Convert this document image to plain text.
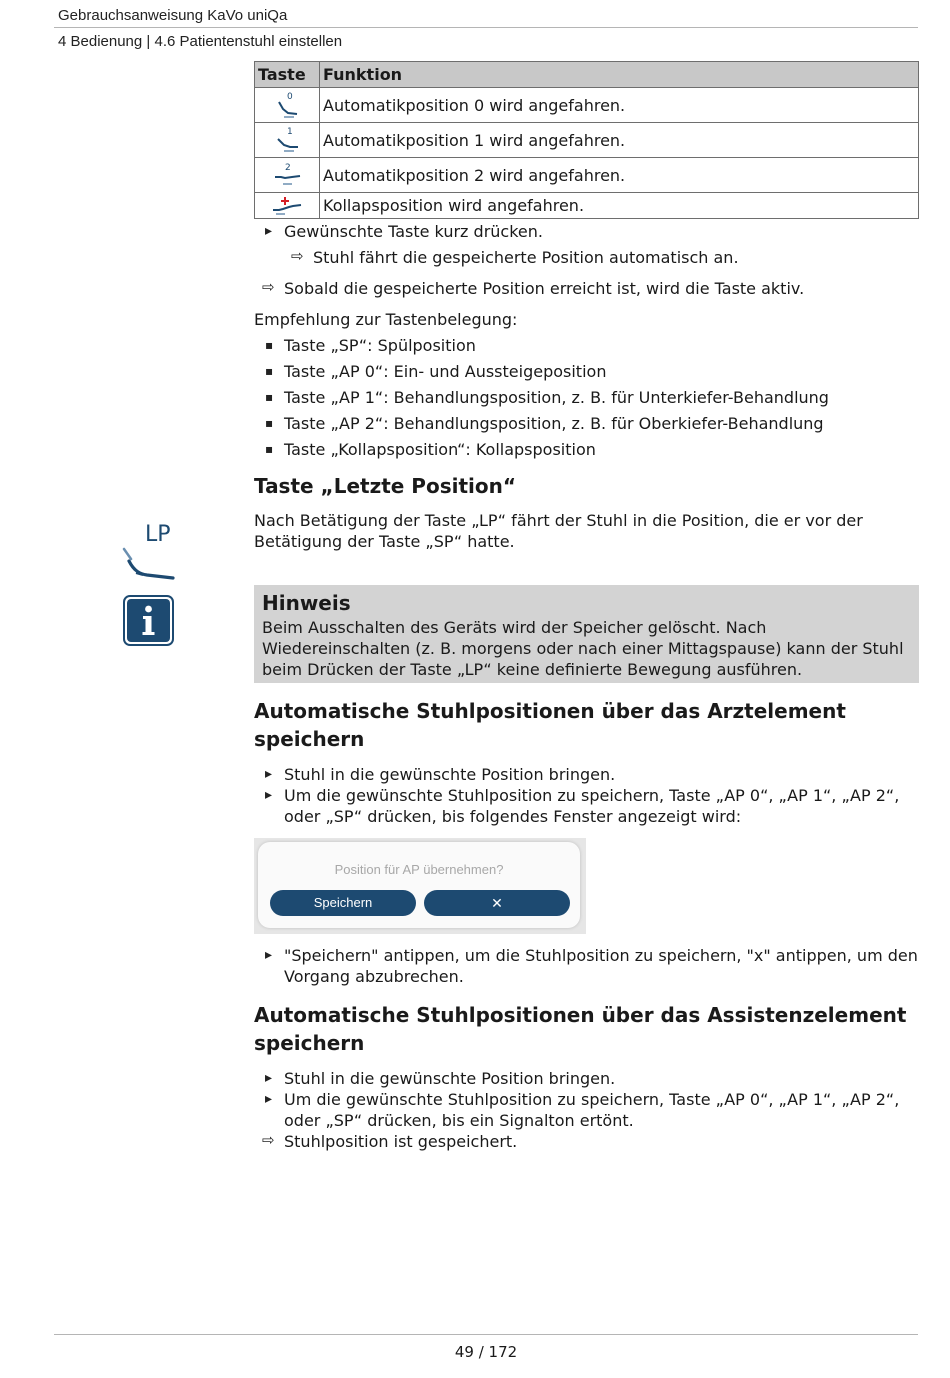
Gebrauchsanweisung KaVo uniQa
4 Bedienung | 4.6 Patientenstuhl einstellen
LP
Taste	Funktion

0	Automatikposition 0 wird angefahren.

1	Automatikposition 1 wird angefahren.

2	Automatikposition 2 wird angefahren.

	Kollapsposition wird angefahren.
▸ Gewünschte Taste kurz drücken.
⇨ Stuhl fährt die gespeicherte Position automatisch an.
⇨ Sobald die gespeicherte Position erreicht ist, wird die Taste aktiv.
Empfehlung zur Tastenbelegung:
▪ Taste „SP“: Spülposition
▪ Taste „AP 0“: Ein- und Aussteigeposition
▪ Taste „AP 1“: Behandlungsposition, z. B. für Unterkiefer-Behandlung
▪ Taste „AP 2“: Behandlungsposition, z. B. für Oberkiefer-Behandlung
▪ Taste „Kollapsposition“: Kollapsposition
Taste „Letzte Position“
Nach Betätigung der Taste „LP“ fährt der Stuhl in die Position, die er vor der Betätigung der Taste „SP“ hatte.
Hinweis

Beim Ausschalten des Geräts wird der Speicher gelöscht. Nach Wiedereinschalten (z. B. morgens oder nach einer Mittagspause) kann der Stuhl beim Drücken der Taste „LP“ keine definierte Bewegung ausführen.

Automatische Stuhlpositionen über das Arztelement speichern
▸ Stuhl in die gewünschte Position bringen.
▸ Um die gewünschte Stuhlposition zu speichern, Taste „AP 0“, „AP 1“, „AP 2“, oder „SP“ drücken, bis folgendes Fenster angezeigt wird:
Position für AP übernehmen?
Speichern	✕
▸ "Speichern" antippen, um die Stuhlposition zu speichern, "x" antippen, um den Vorgang abzubrechen.
Automatische Stuhlpositionen über das Assistenzelement speichern
▸ Stuhl in die gewünschte Position bringen.
▸ Um die gewünschte Stuhlposition zu speichern, Taste „AP 0“, „AP 1“, „AP 2“, oder „SP“ drücken, bis ein Signalton ertönt.
⇨ Stuhlposition ist gespeichert.
49 / 172
